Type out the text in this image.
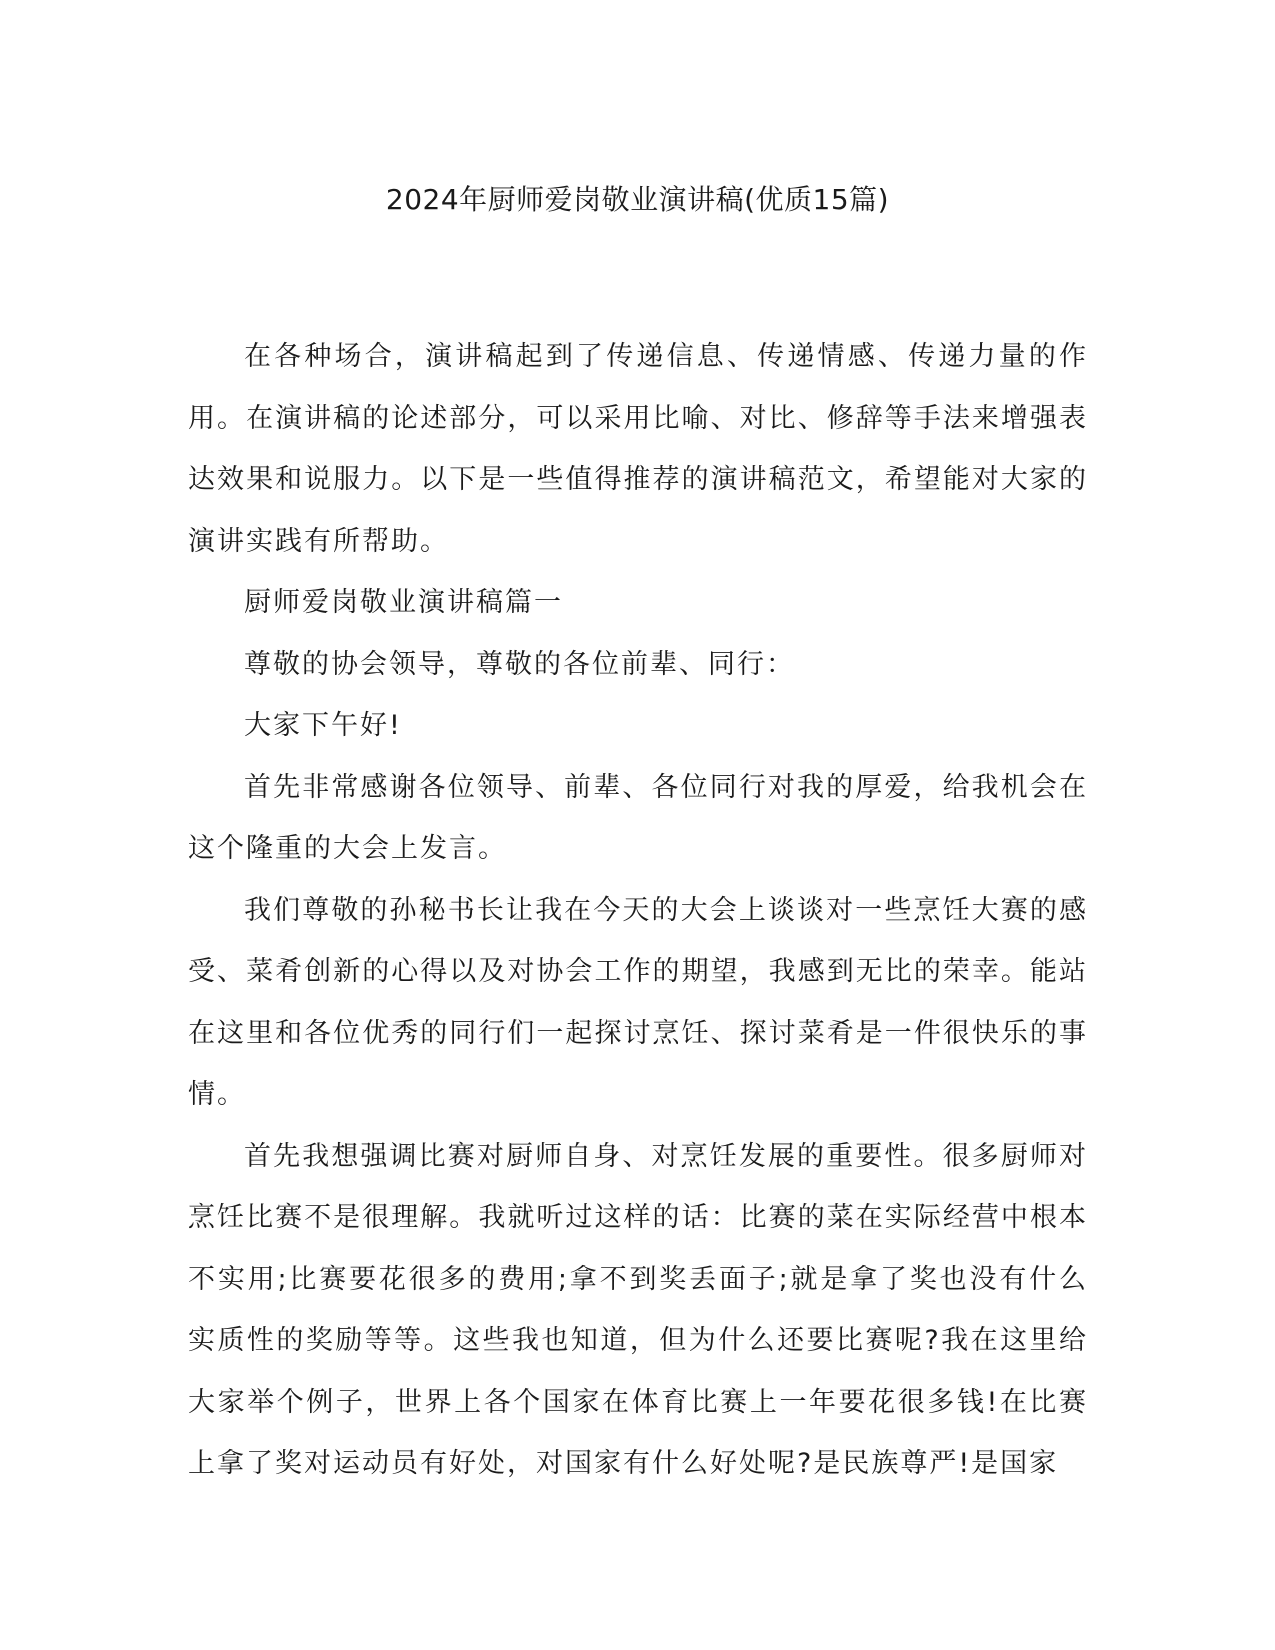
2024年厨师爱岗敬业演讲稿(优质15篇)

在各种场合，演讲稿起到了传递信息、传递情感、传递力量的作用。在演讲稿的论述部分，可以采用比喻、对比、修辞等手法来增强表达效果和说服力。以下是一些值得推荐的演讲稿范文，希望能对大家的演讲实践有所帮助。

厨师爱岗敬业演讲稿篇一

尊敬的协会领导，尊敬的各位前辈、同行：

大家下午好!

首先非常感谢各位领导、前辈、各位同行对我的厚爱，给我机会在这个隆重的大会上发言。

我们尊敬的孙秘书长让我在今天的大会上谈谈对一些烹饪大赛的感受、菜肴创新的心得以及对协会工作的期望，我感到无比的荣幸。能站在这里和各位优秀的同行们一起探讨烹饪、探讨菜肴是一件很快乐的事情。

首先我想强调比赛对厨师自身、对烹饪发展的重要性。很多厨师对烹饪比赛不是很理解。我就听过这样的话：比赛的菜在实际经营中根本不实用;比赛要花很多的费用;拿不到奖丢面子;就是拿了奖也没有什么实质性的奖励等等。这些我也知道，但为什么还要比赛呢?我在这里给大家举个例子，世界上各个国家在体育比赛上一年要花很多钱!在比赛上拿了奖对运动员有好处，对国家有什么好处呢?是民族尊严!是国家
